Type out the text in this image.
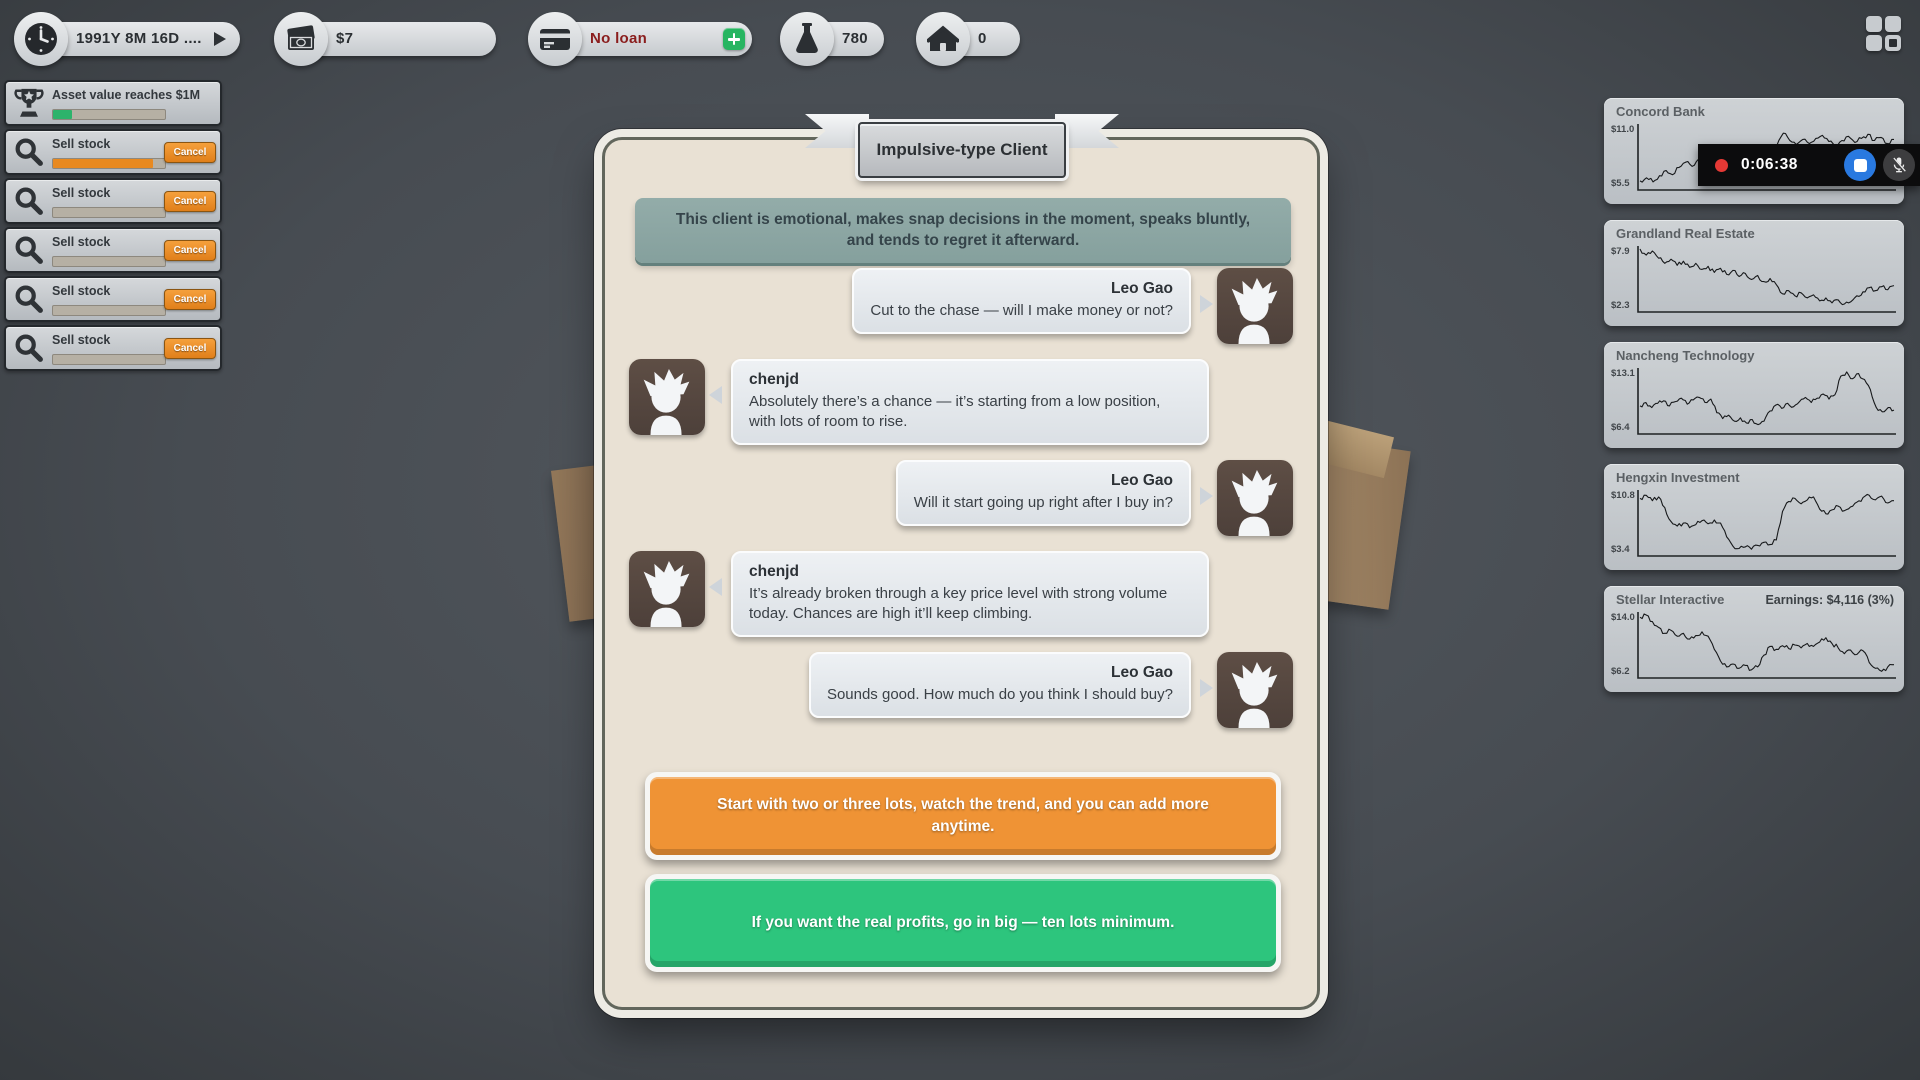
1991Y 8M 16D ....	$7	No loan	780	0
Asset value reaches $1M
Sell stock
Cancel
Sell stock
Cancel
Sell stock
Cancel
Sell stock
Cancel
Sell stock
Cancel
Impulsive-type Client
This client is emotional, makes snap decisions in the moment, speaks bluntly, and tends to regret it afterward.
Leo Gao
Cut to the chase — will I make money or not?
chenjd
Absolutely there’s a chance — it’s starting from a low position, with lots of room to rise.
Leo Gao
Will it start going up right after I buy in?
chenjd
It’s already broken through a key price level with strong volume today. Chances are high it’ll keep climbing.
Leo Gao
Sounds good. How much do you think I should buy?
Start with two or three lots, watch the trend, and you can add more anytime.
If you want the real profits, go in big — ten lots minimum.
Concord Bank
$11.0
$5.5
Grandland Real Estate
$7.9
$2.3
Nancheng Technology
$13.1
$6.4
Hengxin Investment
$10.8
$3.4
Stellar Interactive	Earnings: $4,116 (3%)
$14.0
$6.2
0:06:38
